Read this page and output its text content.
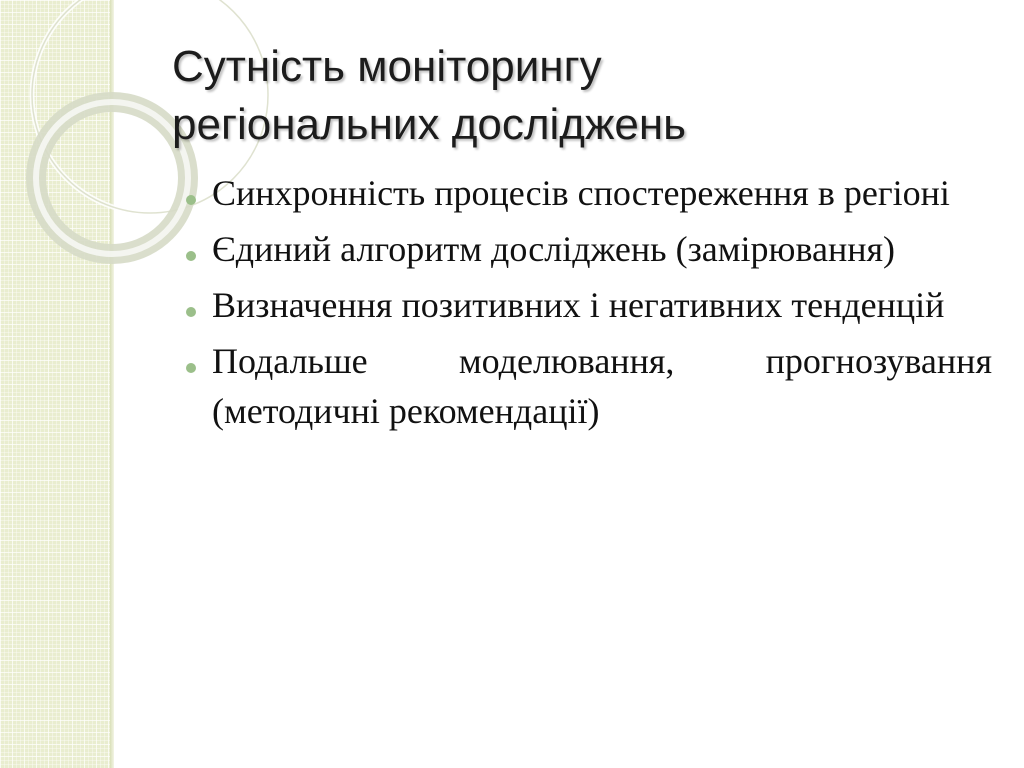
Сутність моніторингу
регіональних досліджень
Синхронність процесів спостереження в регіоні
Єдиний алгоритм досліджень (замірювання)
Визначення позитивних і негативних тенденцій
Подальше моделювання, прогнозування (методичні рекомендації)
